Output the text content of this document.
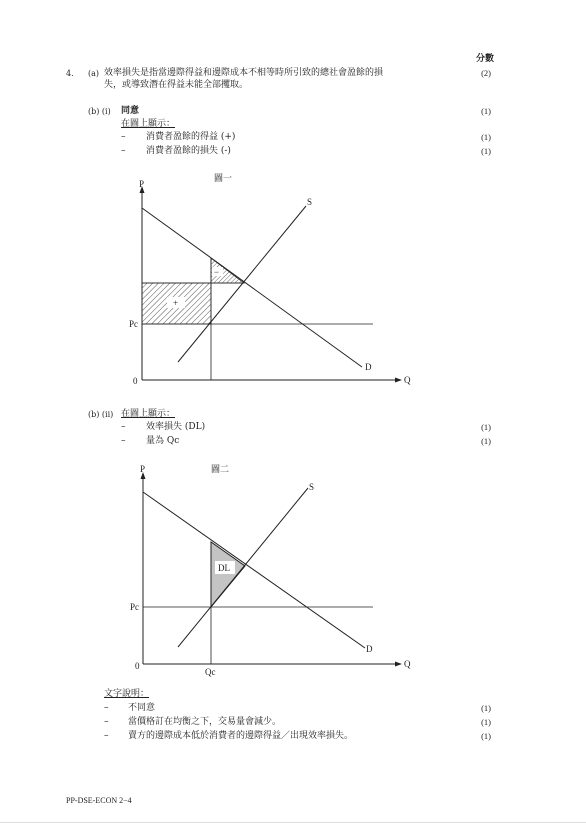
分數
4. (a) 效率損失是指當邊際得益和邊際成本不相等時所引致的總社會盈餘的損
失，或導致潛在得益未能全部攫取。
(2)
(b) (i) 同意	(1)
在圖上顯示：
– 消費者盈餘的得益 (+)	(1)
– 消費者盈餘的損失 (-)	(1)
圖一
+
−
P
Q
0
Pc
S
D
(b) (ii) 在圖上顯示：
– 效率損失 (DL)	(1)
– 量為 Qc	(1)
圖二
DL
P
Q
0
Pc
Qc
S
D
文字說明：
– 不同意	(1)
– 當價格訂在均衡之下，交易量會減少。	(1)
– 賣方的邊際成本低於消費者的邊際得益／出現效率損失。	(1)
PP-DSE-ECON 2−4
